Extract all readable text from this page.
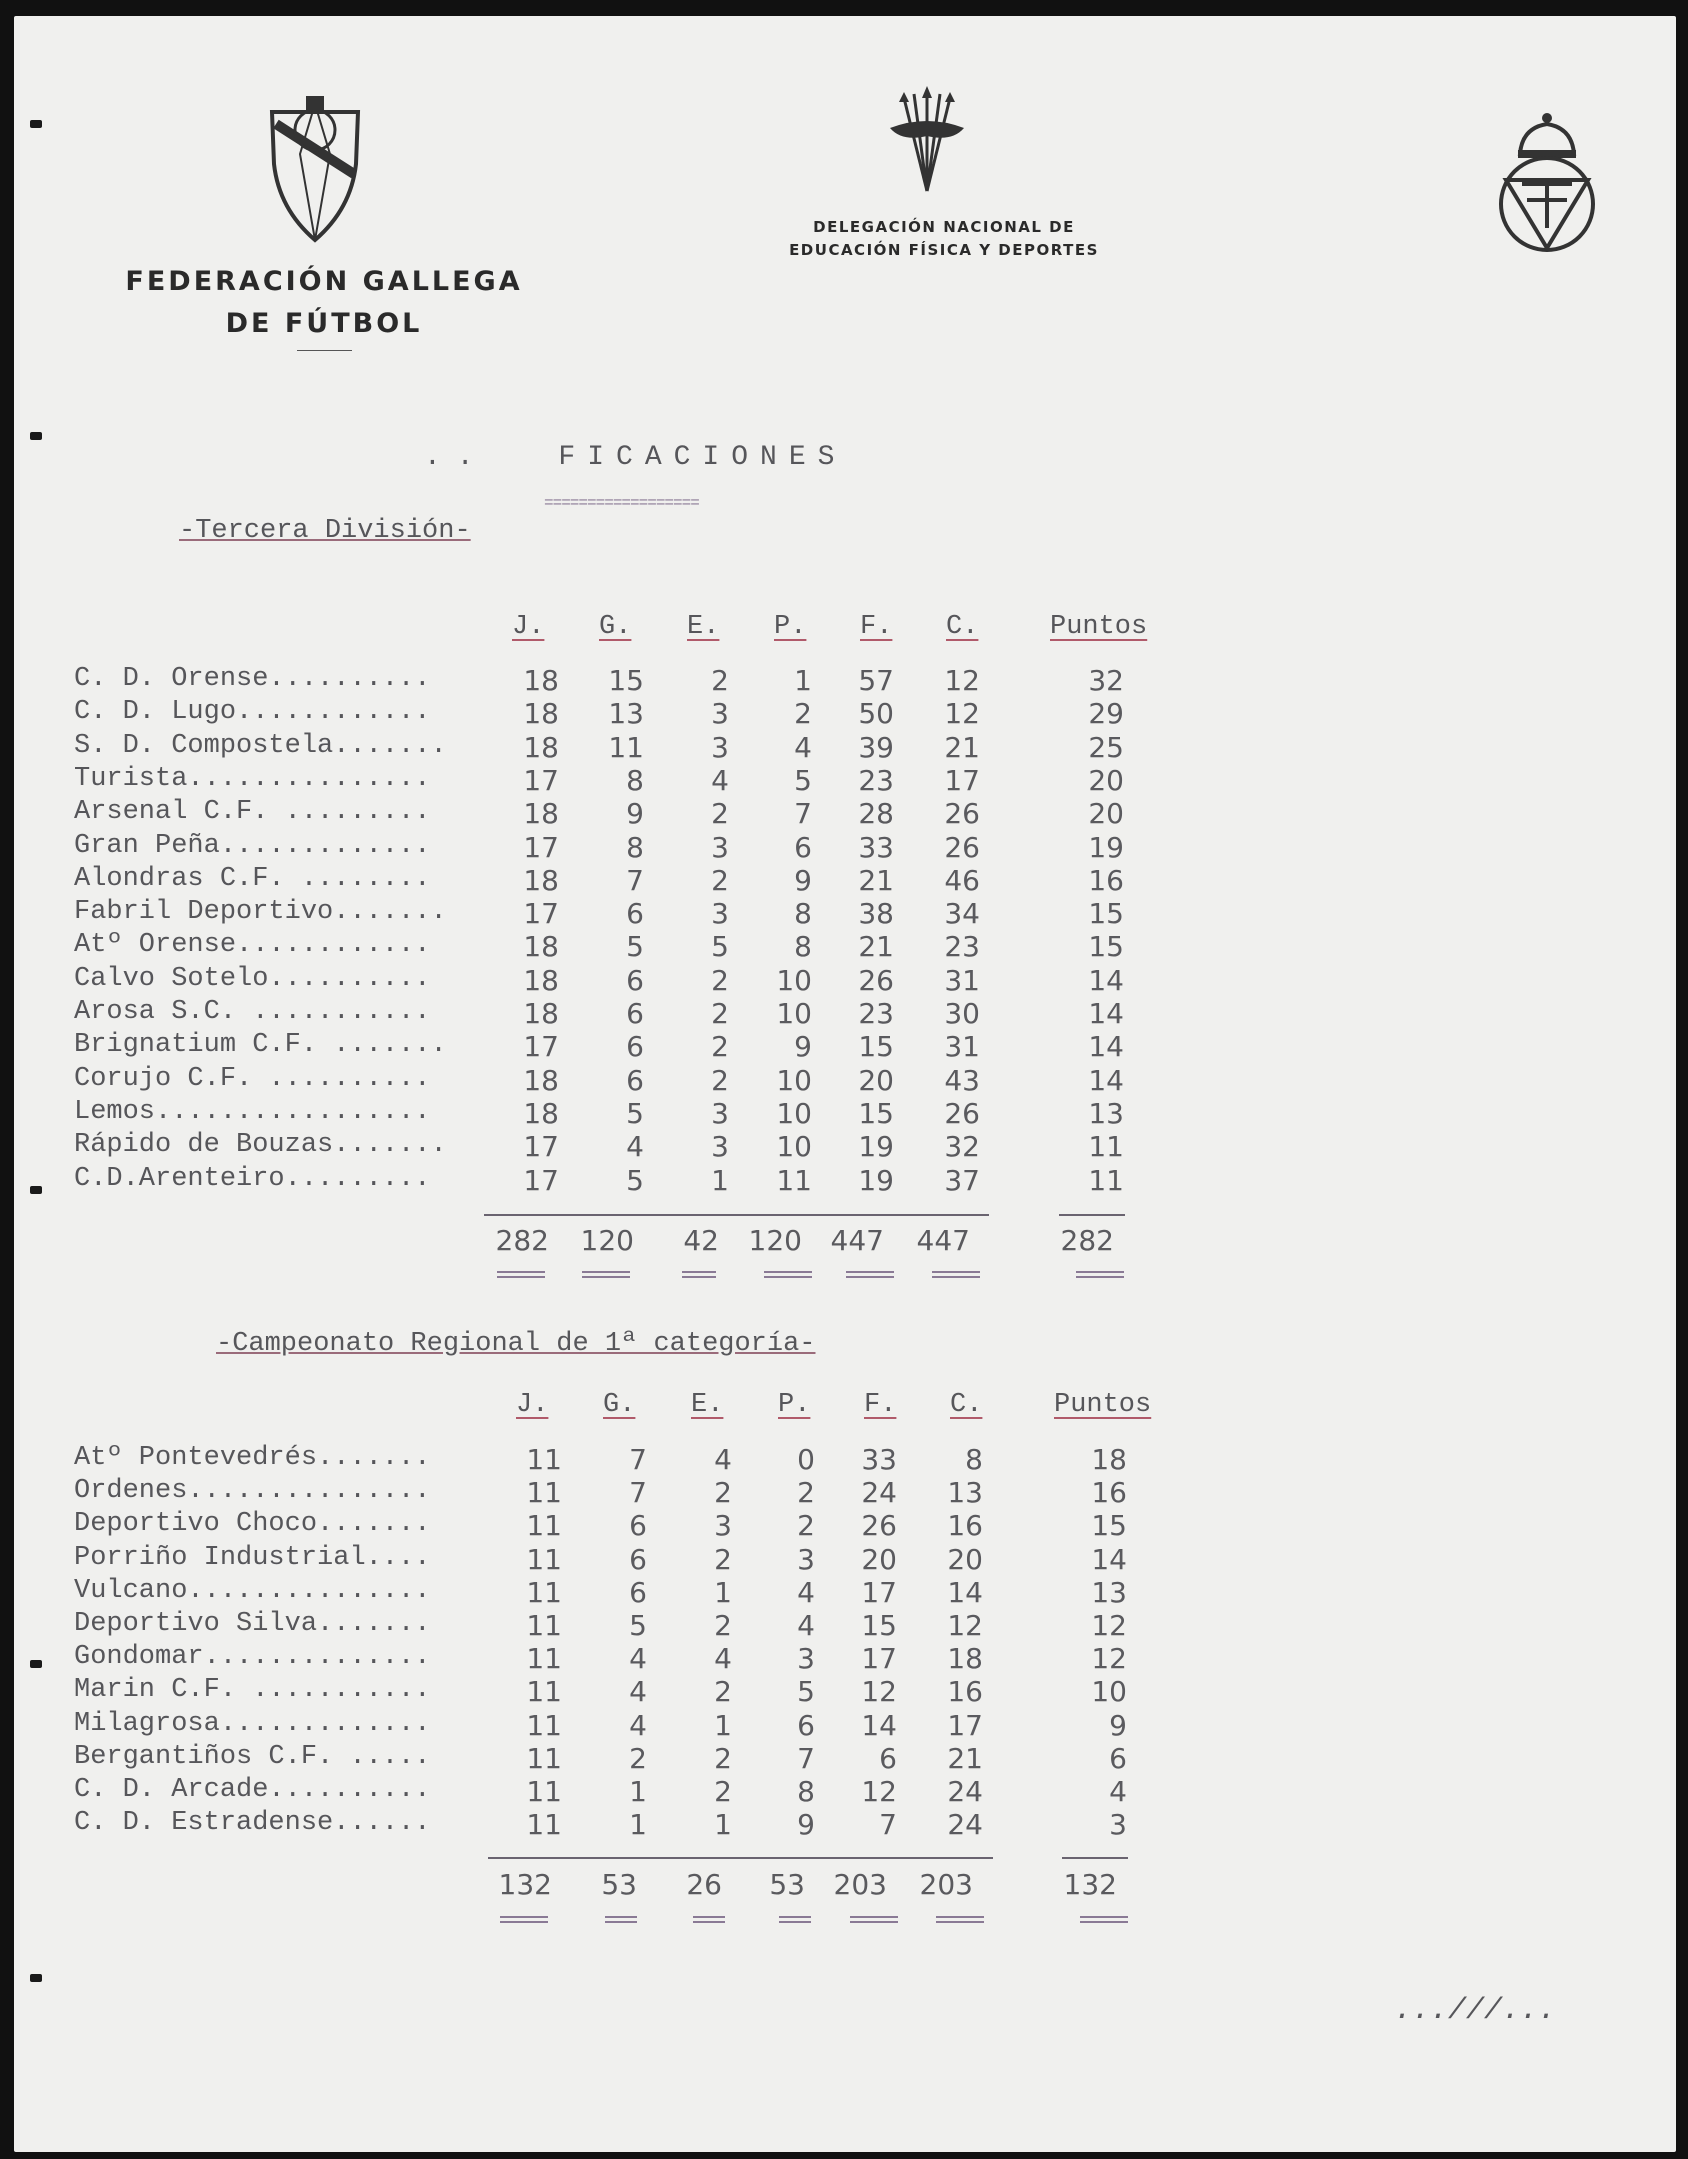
FEDERACIÓN GALLEGA
DE FÚTBOL
DELEGACIÓN NACIONAL DE
EDUCACIÓN FÍSICA Y DEPORTES
.. FICACIONES
==================
-Tercera División-
J. G. E. P. F. C.	Puntos
C. D. Orense..........	18	15	2	1	57	12	32
C. D. Lugo............	18	13	3	2	50	12	29
S. D. Compostela.......	18	11	3	4	39	21	25
Turista...............	17	8	4	5	23	17	20
Arsenal C.F. .........	18	9	2	7	28	26	20
Gran Peña.............	17	8	3	6	33	26	19
Alondras C.F. ........	18	7	2	9	21	46	16
Fabril Deportivo.......	17	6	3	8	38	34	15
Atº Orense............	18	5	5	8	21	23	15
Calvo Sotelo..........	18	6	2	10	26	31	14
Arosa S.C. ...........	18	6	2	10	23	30	14
Brignatium C.F. .......	17	6	2	9	15	31	14
Corujo C.F. ..........	18	6	2	10	20	43	14
Lemos.................	18	5	3	10	15	26	13
Rápido de Bouzas.......	17	4	3	10	19	32	11
C.D.Arenteiro.........	17	5	1	11	19	37	11
282	120	42	120	447	447	282
-Campeonato Regional de 1ª categoría-
J. G. E. P. F. C.	Puntos
Atº Pontevedrés.......	11	7	4	0	33	8	18
Ordenes...............	11	7	2	2	24	13	16
Deportivo Choco.......	11	6	3	2	26	16	15
Porriño Industrial....	11	6	2	3	20	20	14
Vulcano...............	11	6	1	4	17	14	13
Deportivo Silva.......	11	5	2	4	15	12	12
Gondomar..............	11	4	4	3	17	18	12
Marin C.F. ...........	11	4	2	5	12	16	10
Milagrosa.............	11	4	1	6	14	17	9
Bergantiños C.F. .....	11	2	2	7	6	21	6
C. D. Arcade..........	11	1	2	8	12	24	4
C. D. Estradense......	11	1	1	9	7	24	3
132	53	26	53	203	203	132
...///...
